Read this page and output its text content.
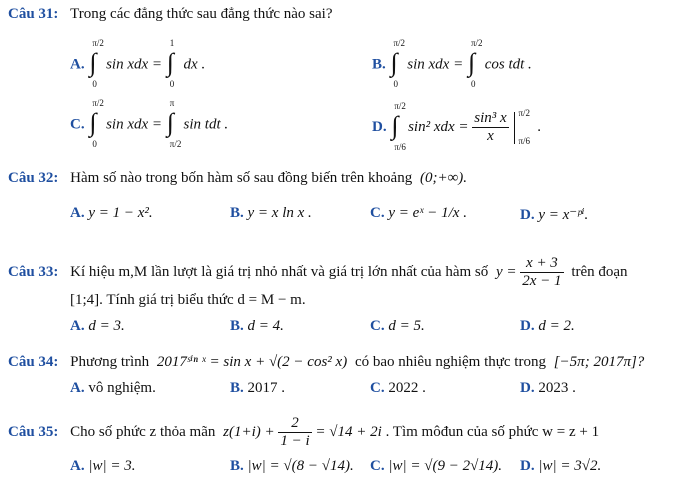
Câu 31: Trong các đẳng thức sau đẳng thức nào sai?
A. ∫
π/2
0
sin xdx = ∫
1
0
dx .	B. ∫
π/2
0
sin xdx = ∫
π/2
0
cos tdt .
C. ∫
π/2
0
sin xdx = ∫
π
π/2
sin tdt .	D. ∫
π/2
π/6
sin² xdx = $\frac{\text{sin³ x}}{x}$
π/2
π/6
.
Câu 32: Hàm số nào trong bốn hàm số sau đồng biến trên khoảng (0;+∞).
A. y = 1 − x².	B. y = x ln x .	C. y = eˣ − 1/x .	D. y = x⁻ᵖⁱ.
Câu 33: Kí hiệu m,M lần lượt là giá trị nhỏ nhất và giá trị lớn nhất của hàm số $y = \frac{x + 3}{2x - 1}$ trên đoạn
[1;4]. Tính giá trị biểu thức d = M − m.
A. d = 3.	B. d = 4.	C. d = 5.	D. d = 2.
Câu 34: Phương trình 2017ˢⁱⁿ ˣ = sin x + √(2 − cos² x) có bao nhiêu nghiệm thực trong [−5π; 2017π]?
A. vô nghiệm.	B. 2017 .	C. 2022 .	D. 2023 .
Câu 35: Cho số phức z thỏa mãn $z(1+i) + \frac{2}{1 - i} = √14 + 2i$ . Tìm môđun của số phức w = z + 1
A. |w| = 3.	B. |w| = √(8 − √14). C. |w| = √(9 − 2√14). D. |w| = 3√2.
